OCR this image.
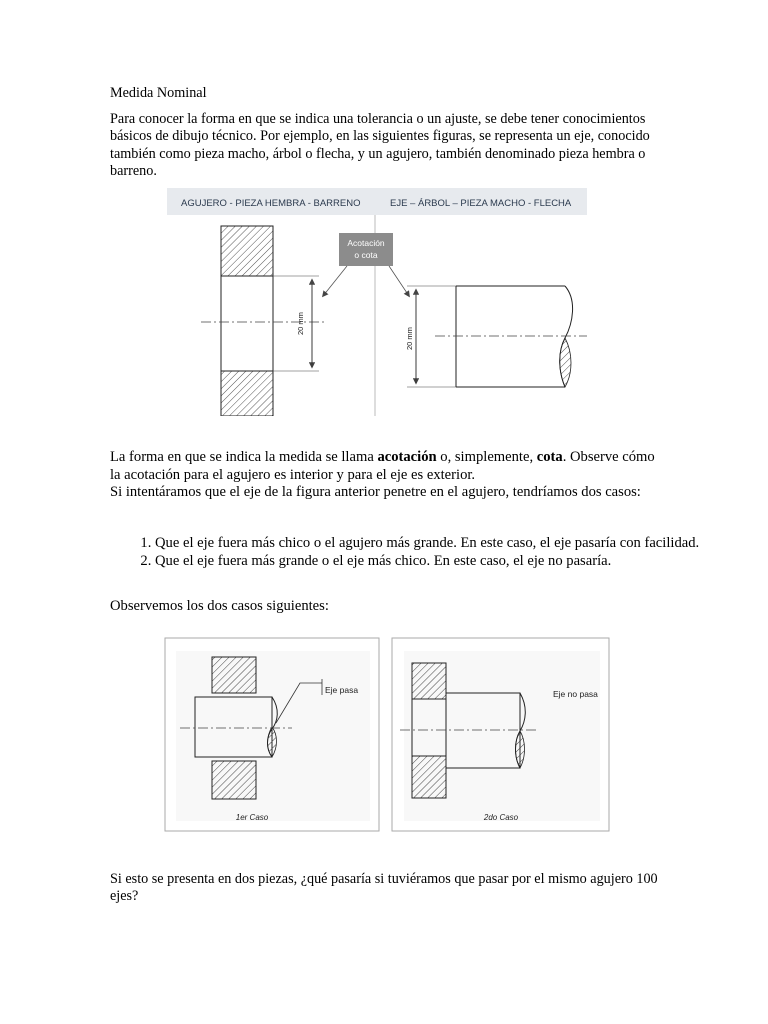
Medida Nominal

Para conocer la forma en que se indica una tolerancia o un ajuste, se debe tener conocimientos básicos de dibujo técnico. Por ejemplo, en las siguientes figuras, se representa un eje, conocido también como pieza macho, árbol o flecha, y un agujero, también denominado pieza hembra o barreno.

AGUJERO - PIEZA HEMBRA - BARRENO	EJE – ÁRBOL – PIEZA MACHO - FLECHA
20 mm
Acotación
o cota
20 mm

La forma en que se indica la medida se llama acotación o, simplemente, cota. Observe cómo la acotación para el agujero es interior y para el eje es exterior.

Si intentáramos que el eje de la figura anterior penetre en el agujero, tendríamos dos casos:

1. Que el eje fuera más chico o el agujero más grande. En este caso, el eje pasaría con facilidad.
2. Que el eje fuera más grande o el eje más chico. En este caso, el eje no pasaría.

Observemos los dos casos siguientes:

Eje pasa
1er Caso
Eje no pasa
2do Caso

Si esto se presenta en dos piezas, ¿qué pasaría si tuviéramos que pasar por el mismo agujero 100 ejes?
